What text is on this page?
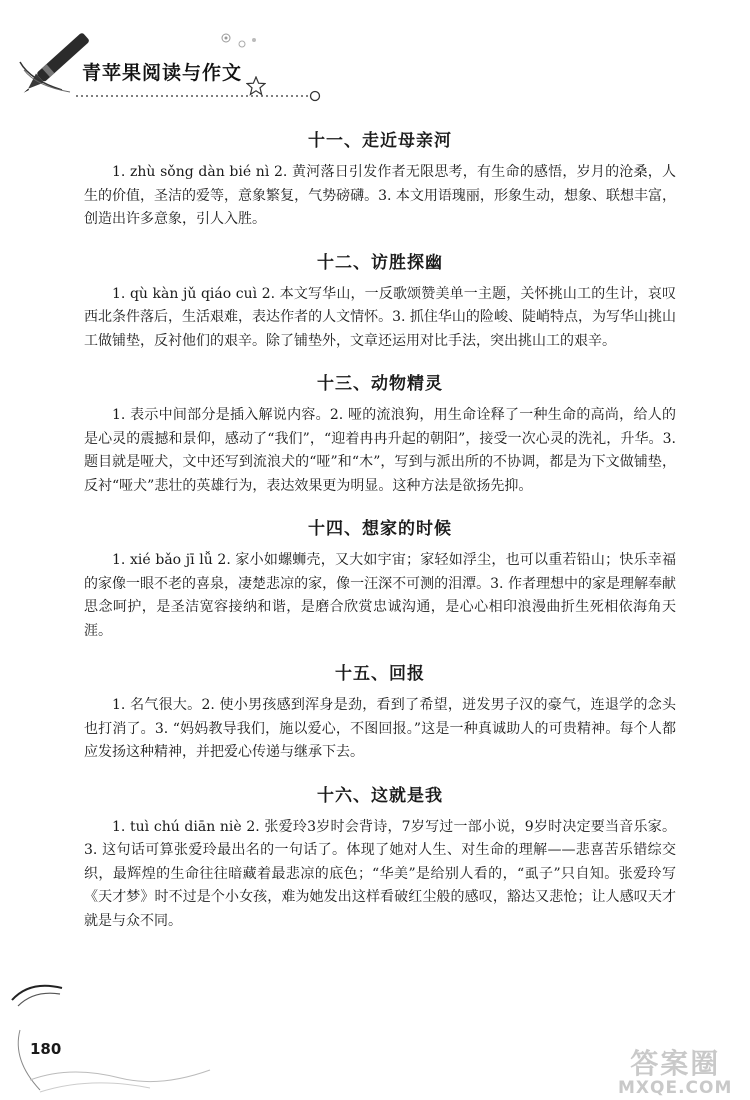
青苹果阅读与作文
十一、走近母亲河

1. zhù sǒng dàn bié nì 2. 黄河落日引发作者无限思考，有生命的感悟，岁月的沧桑，人生的价值，圣洁的爱等，意象繁复，气势磅礴。3. 本文用语瑰丽，形象生动，想象、联想丰富，创造出许多意象，引人入胜。

十二、访胜探幽

1. qù kàn jǔ qiáo cuì 2. 本文写华山，一反歌颂赞美单一主题，关怀挑山工的生计，哀叹西北条件落后，生活艰难，表达作者的人文情怀。3. 抓住华山的险峻、陡峭特点，为写华山挑山工做铺垫，反衬他们的艰辛。除了铺垫外，文章还运用对比手法，突出挑山工的艰辛。

十三、动物精灵

1. 表示中间部分是插入解说内容。2. 哑的流浪狗，用生命诠释了一种生命的高尚，给人的是心灵的震撼和景仰，感动了“我们”，“迎着冉冉升起的朝阳”，接受一次心灵的洗礼，升华。3. 题目就是哑犬，文中还写到流浪犬的“哑”和“木”，写到与派出所的不协调，都是为下文做铺垫，反衬“哑犬”悲壮的英雄行为，表达效果更为明显。这种方法是欲扬先抑。

十四、想家的时候

1. xié bǎo jī lǚ 2. 家小如螺蛳壳，又大如宇宙；家轻如浮尘，也可以重若铅山；快乐幸福的家像一眼不老的喜泉，凄楚悲凉的家，像一汪深不可测的泪潭。3. 作者理想中的家是理解奉献思念呵护，是圣洁宽容接纳和谐，是磨合欣赏忠诚沟通，是心心相印浪漫曲折生死相依海角天涯。

十五、回报

1. 名气很大。2. 使小男孩感到浑身是劲，看到了希望，迸发男子汉的豪气，连退学的念头也打消了。3. “妈妈教导我们，施以爱心，不图回报。”这是一种真诚助人的可贵精神。每个人都应发扬这种精神，并把爱心传递与继承下去。

十六、这就是我

1. tuì chú diān niè 2. 张爱玲3岁时会背诗，7岁写过一部小说，9岁时决定要当音乐家。3. 这句话可算张爱玲最出名的一句话了。体现了她对人生、对生命的理解——悲喜苦乐错综交织，最辉煌的生命往往暗藏着最悲凉的底色；“华美”是给别人看的，“虱子”只自知。张爱玲写《天才梦》时不过是个小女孩，难为她发出这样看破红尘般的感叹，豁达又悲怆；让人感叹天才就是与众不同。

180	答案圈
MXQE.COM
